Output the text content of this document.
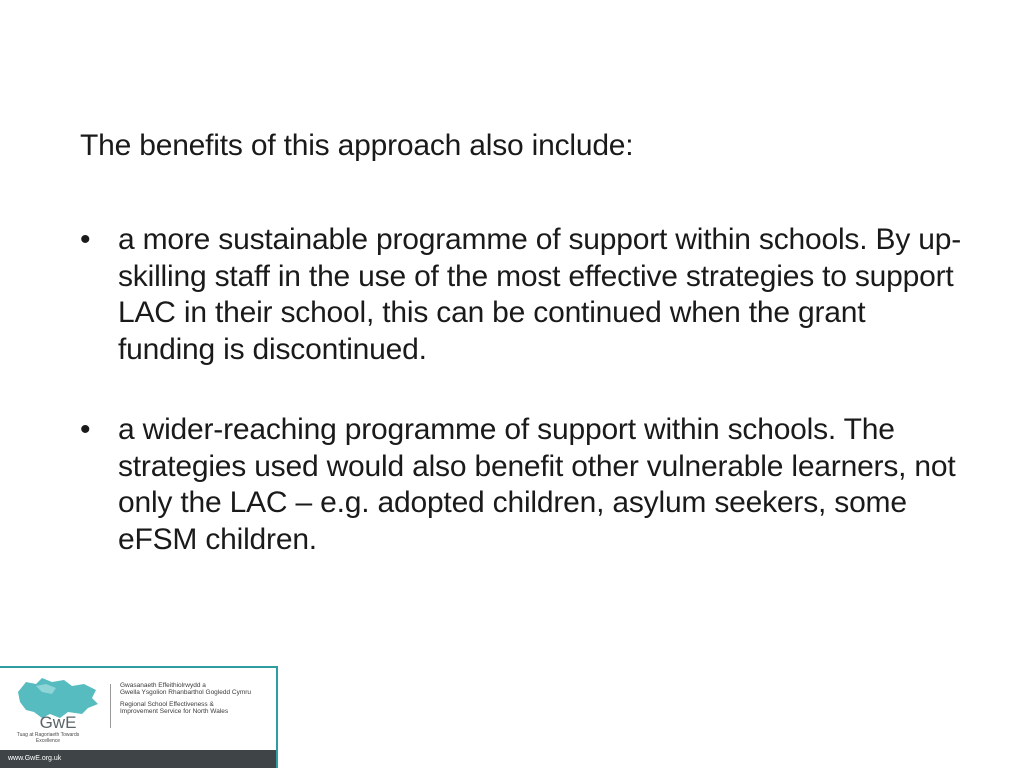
The benefits of this approach also include:

• a more sustainable programme of support within schools. By up-skilling staff in the use of the most effective strategies to support LAC in their school, this can be continued when the grant funding is discontinued.
• a wider-reaching programme of support within schools. The strategies used would also benefit other vulnerable learners, not only the LAC – e.g. adopted children, asylum seekers, some eFSM children.
GwE
Tuag at Ragoriaeth Towards Excellence
Gwasanaeth Effeithiolrwydd a
Gwella Ysgolion Rhanbarthol Gogledd Cymru
Regional School Effectiveness &
Improvement Service for North Wales
www.GwE.org.uk
